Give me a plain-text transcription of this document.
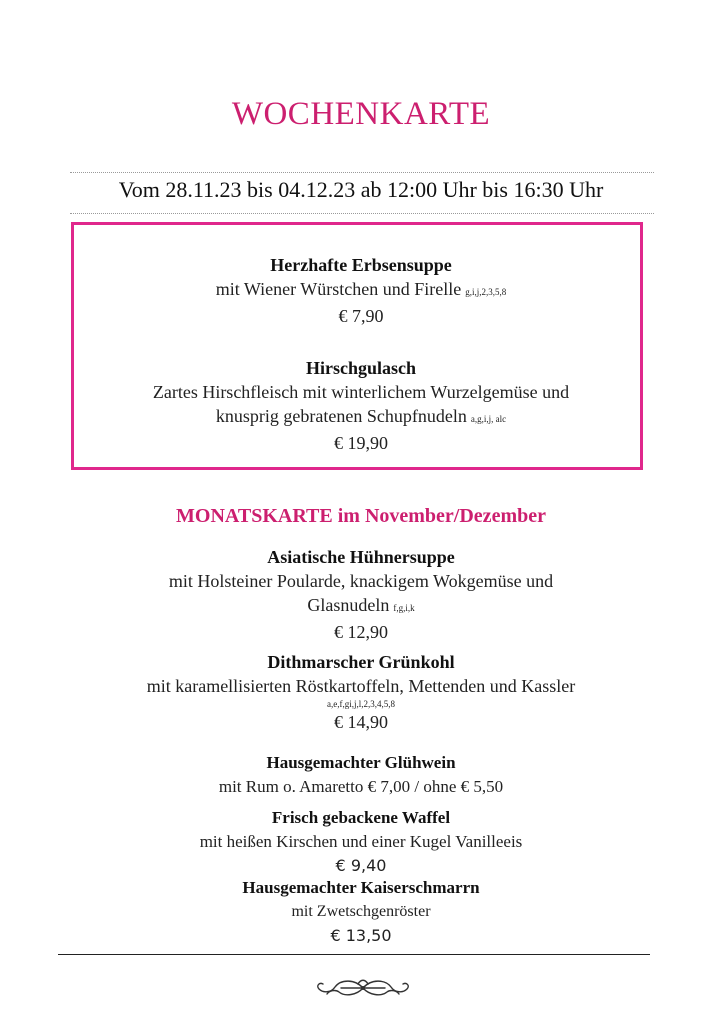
WOCHENKARTE
Vom 28.11.23 bis 04.12.23 ab 12:00 Uhr bis 16:30 Uhr
Herzhafte Erbsensuppe
mit Wiener Würstchen und Firelle g,i,j,2,3,5,8
€ 7,90
Hirschgulasch
Zartes Hirschfleisch mit winterlichem Wurzelgemüse und
knusprig gebratenen Schupfnudeln a,g,i,j, alc
€ 19,90
MONATSKARTE im November/Dezember
Asiatische Hühnersuppe
mit Holsteiner Poularde, knackigem Wokgemüse und
Glasnudeln f,g,i,k
€ 12,90
Dithmarscher Grünkohl
mit karamellisierten Röstkartoffeln, Mettenden und Kassler
a,e,f,gi,j,l,2,3,4,5,8
€ 14,90
Hausgemachter Glühwein
mit Rum o. Amaretto € 7,00 / ohne € 5,50
Frisch gebackene Waffel
mit heißen Kirschen und einer Kugel Vanilleeis
€ 9,40
Hausgemachter Kaiserschmarrn
mit Zwetschgenröster
€ 13,50
